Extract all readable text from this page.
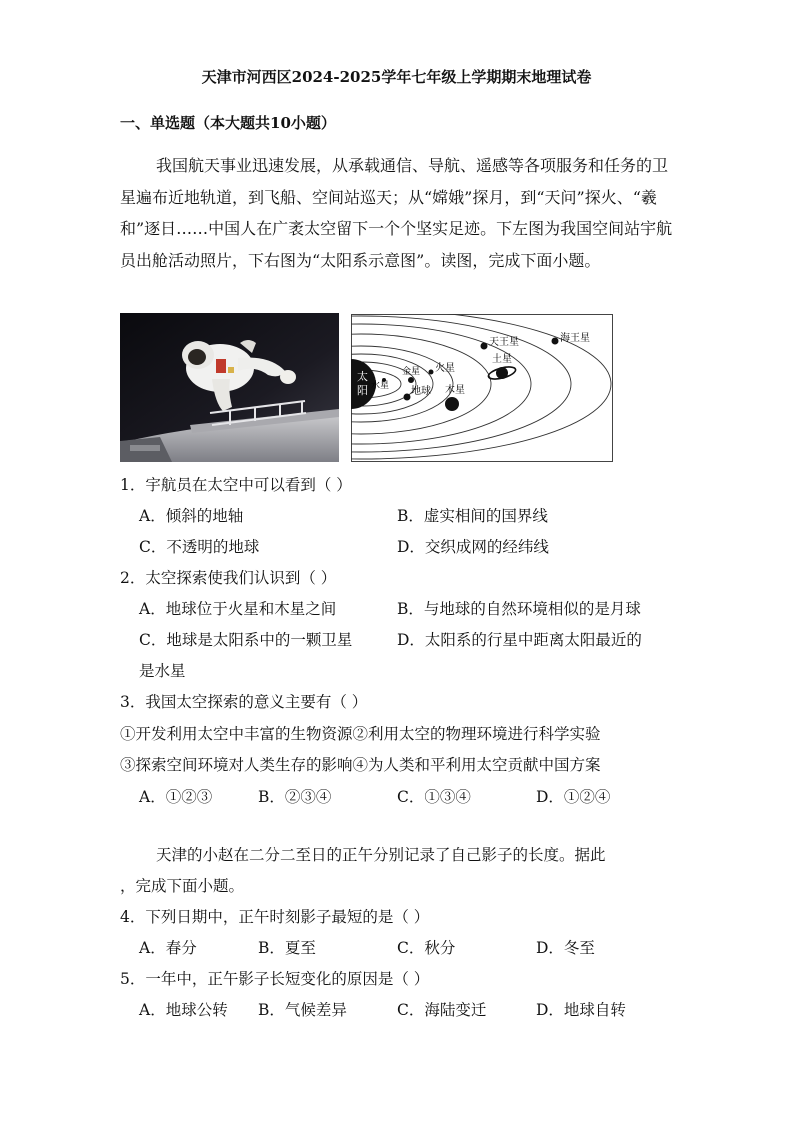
天津市河西区2024-2025学年七年级上学期期末地理试卷
一、单选题（本大题共10小题）
我国航天事业迅速发展，从承载通信、导航、遥感等各项服务和任务的卫星遍布近地轨道，到飞船、空间站巡天；从“嫦娥”探月，到“天问”探火、“羲和”逐日……中国人在广袤太空留下一个个坚实足迹。下左图为我国空间站宇航员出舱活动照片，下右图为“太阳系示意图”。读图，完成下面小题。
太
阳 水星
金星
地球
火星
木星
土星
天王星	海王星
1．宇航员在太空中可以看到（ ）
A．倾斜的地轴	B．虚实相间的国界线
C．不透明的地球	D．交织成网的经纬线
2．太空探索使我们认识到（ ）
A．地球位于火星和木星之间	B．与地球的自然环境相似的是月球
C．地球是太阳系中的一颗卫星	D．太阳系的行星中距离太阳最近的
是水星
3．我国太空探索的意义主要有（ ）
①开发利用太空中丰富的生物资源②利用太空的物理环境进行科学实验
③探索空间环境对人类生存的影响④为人类和平利用太空贡献中国方案
A．①②③	B．②③④	C．①③④	D．①②④
天津的小赵在二分二至日的正午分别记录了自己影子的长度。据此
，完成下面小题。
4．下列日期中，正午时刻影子最短的是（ ）
A．春分	B．夏至	C．秋分	D．冬至
5．一年中，正午影子长短变化的原因是（ ）
A．地球公转 B．气候差异	C．海陆变迁	D．地球自转
